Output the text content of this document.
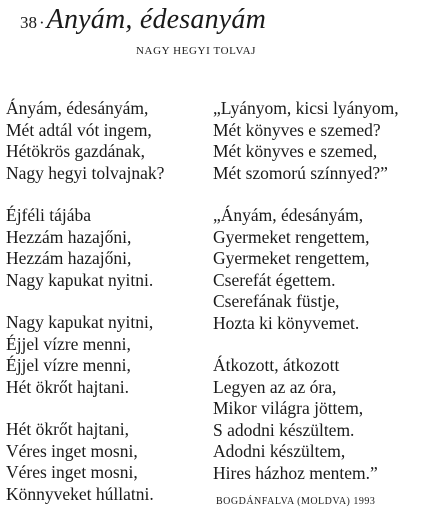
38 ·Anyám, édesanyám
NAGY HEGYI TOLVAJ
Ányám, édesányám,
Mét adtál vót ingem,
Hétökrös gazdának,
Nagy hegyi tolvajnak?
Éjféli tájába
Hezzám hazajőni,
Hezzám hazajőni,
Nagy kapukat nyitni.
Nagy kapukat nyitni,
Éjjel vízre menni,
Éjjel vízre menni,
Hét ökrőt hajtani.
Hét ökrőt hajtani,
Véres inget mosni,
Véres inget mosni,
Könnyveket húllatni.
„Lyányom, kicsi lyányom,
Mét könyves e szemed?
Mét könyves e szemed,
Mét szomorú színnyed?”
„Ányám, édesányám,
Gyermeket rengettem,
Gyermeket rengettem,
Cserefát égettem.
Cserefának füstje,
Hozta ki könyvemet.
Átkozott, átkozott
Legyen az az óra,
Mikor világra jöttem,
S adodni készültem.
Adodni készültem,
Hires házhoz mentem.”
BOGDÁNFALVA (MOLDVA) 1993
